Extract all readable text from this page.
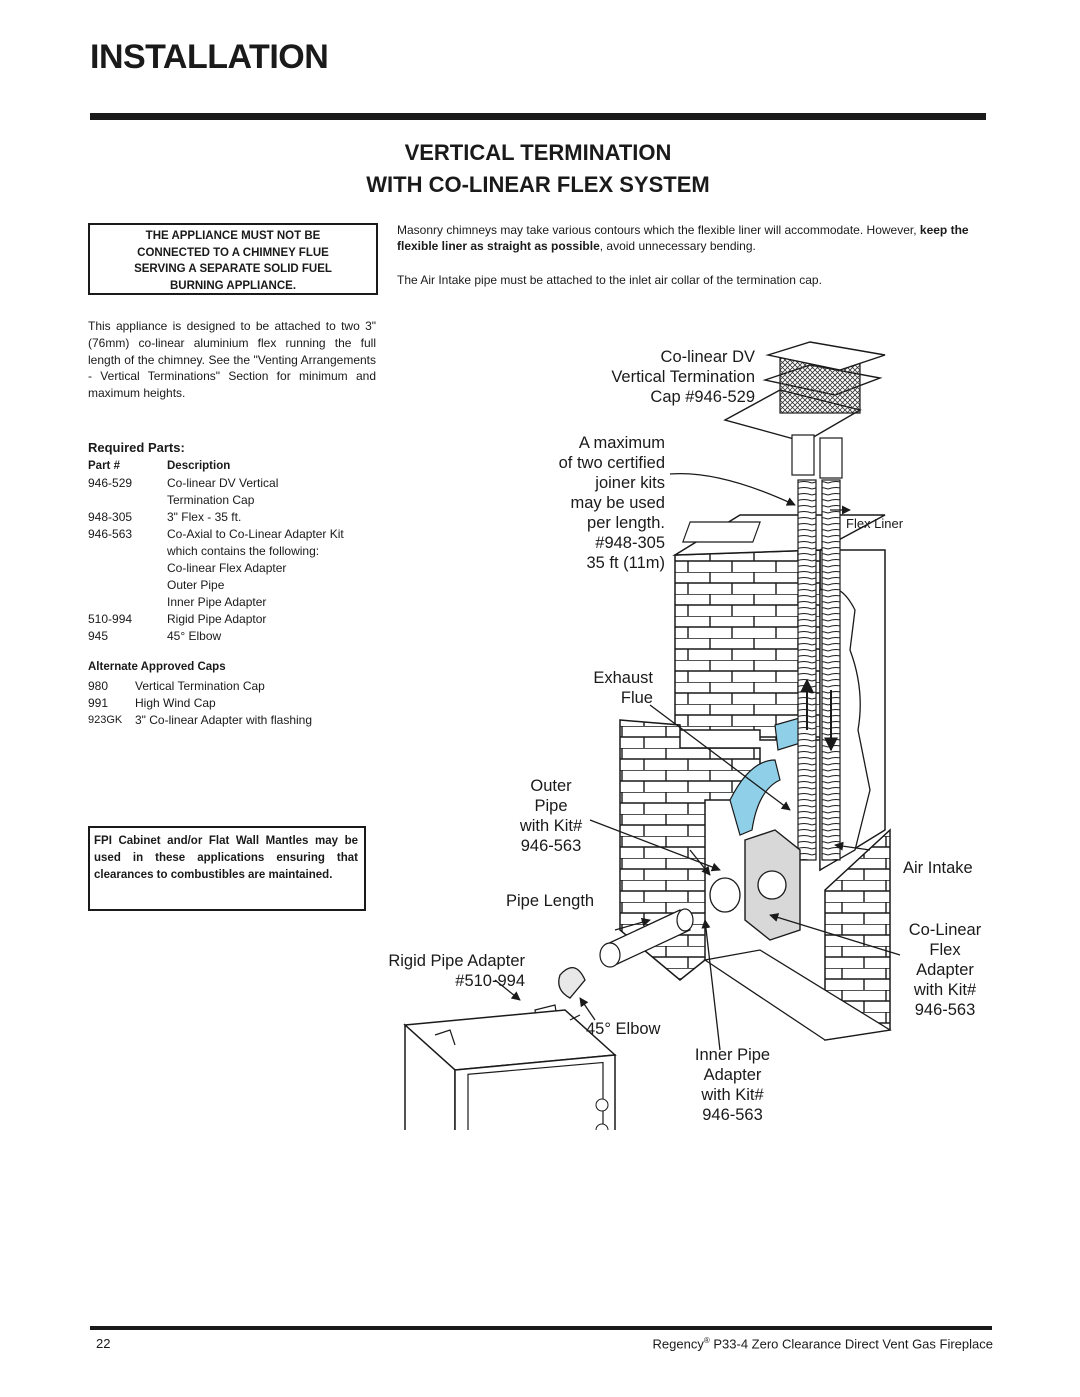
INSTALLATION
VERTICAL TERMINATION
WITH CO-LINEAR FLEX SYSTEM
THE APPLIANCE MUST NOT BE
CONNECTED TO A CHIMNEY FLUE
SERVING A SEPARATE SOLID FUEL
BURNING APPLIANCE.
Masonry chimneys may take various contours which the flexible liner will accommodate. However, keep the flexible liner as straight as possible, avoid unnecessary bending.
The Air Intake pipe must be attached to the inlet air collar of the termination cap.
This appliance is designed to be attached to two 3" (76mm) co-linear aluminium flex running the full length of the chimney. See the "Venting Arrangements - Vertical Terminations" Section for minimum and maximum heights.
Required Parts:
Part #	Description
946-529	Co-linear DV Vertical
Termination Cap
948-305	3" Flex - 35 ft.
946-563	Co-Axial to Co-Linear Adapter Kit
which contains the following:
Co-linear Flex Adapter
Outer Pipe
Inner Pipe Adapter
510-994	Rigid Pipe Adaptor
945	45° Elbow
Alternate Approved Caps
980	Vertical Termination Cap
991	High Wind Cap
923GK	3" Co-linear Adapter with flashing
FPI Cabinet and/or Flat Wall Mantles may be used in these applications ensuring that clearances to combustibles are maintained.
Co-linear DV
Vertical Termination
Cap #946-529
A maximum
of two certified
joiner kits
may be used
per length.
#948-305
35 ft (11m)
Flex Liner
Exhaust
Flue
Outer
Pipe
with Kit#
946-563
Air Intake
Pipe Length
Co-Linear
Flex
Adapter
with Kit#
946-563
Rigid Pipe Adapter
#510-994
45° Elbow
Inner Pipe
Adapter
with Kit#
946-563
22	Regency® P33-4 Zero Clearance Direct Vent Gas Fireplace
